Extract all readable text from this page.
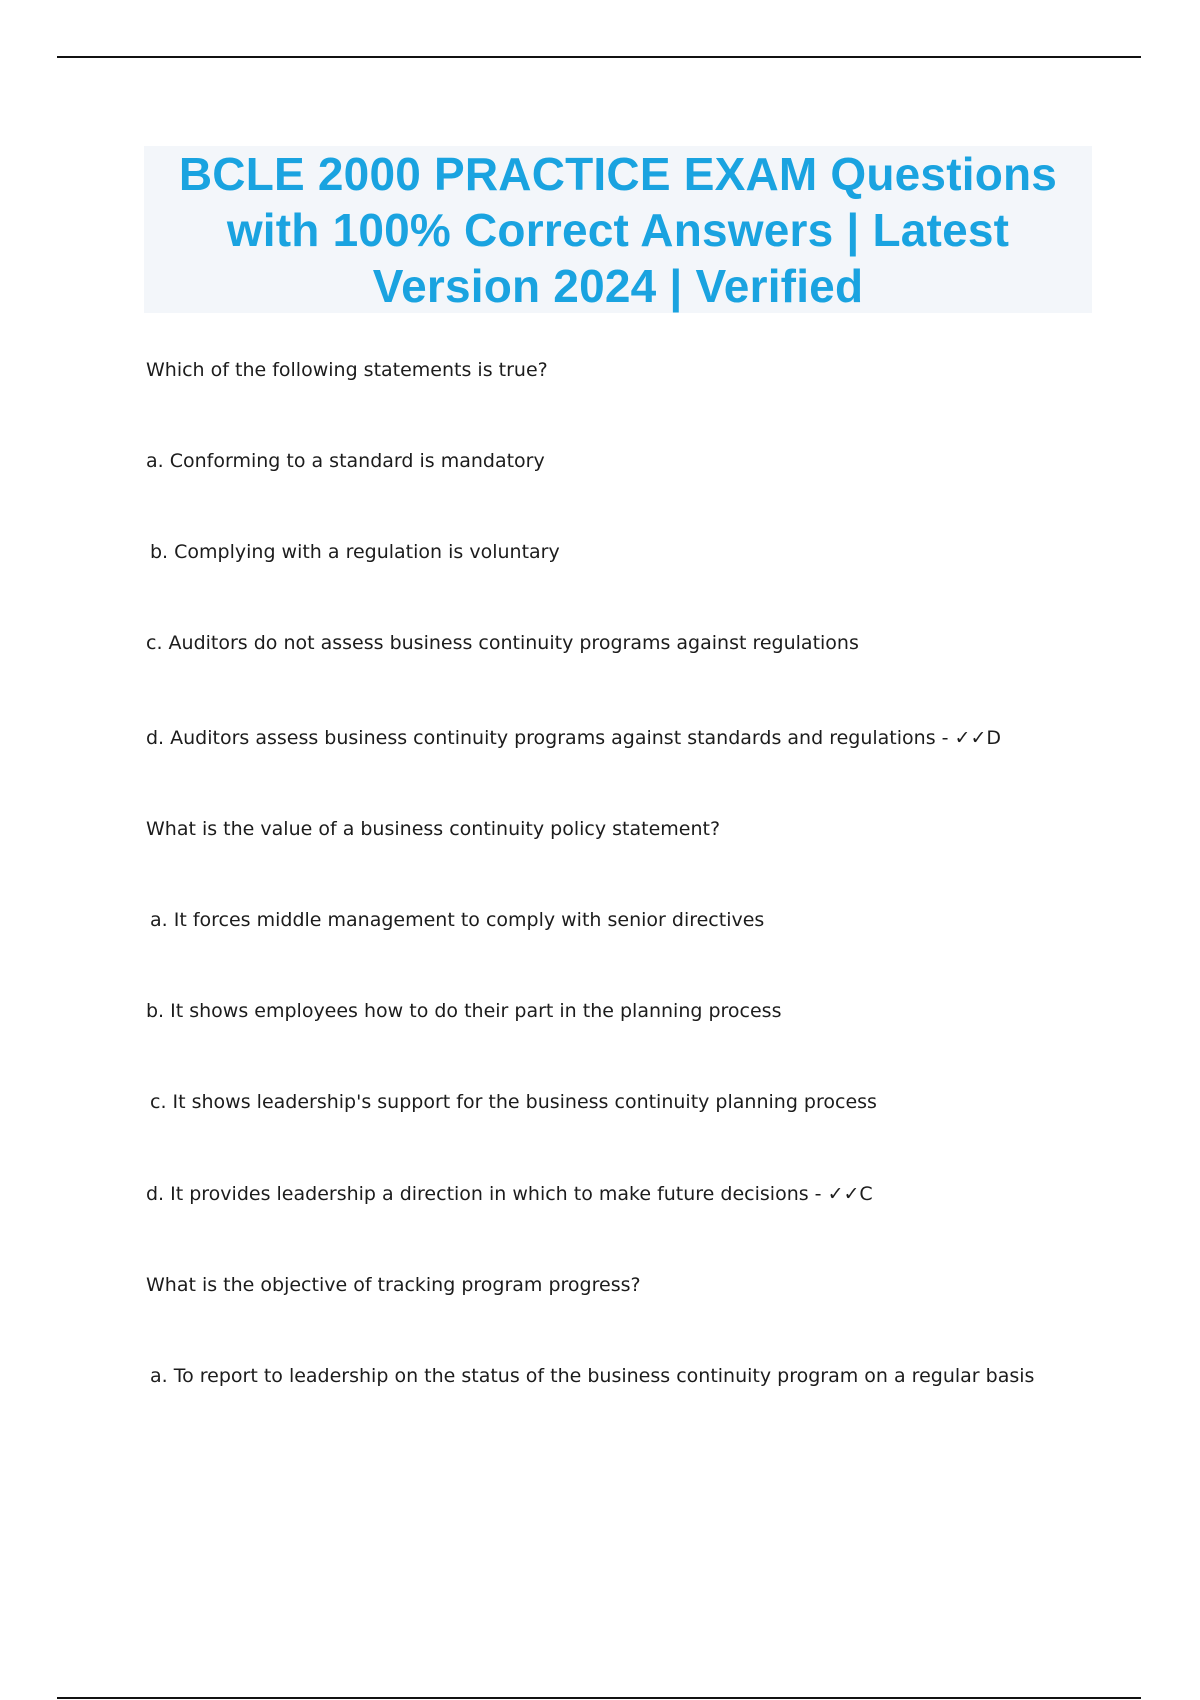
BCLE 2000 PRACTICE EXAM Questions with 100% Correct Answers | Latest Version 2024 | Verified
Which of the following statements is true?
a. Conforming to a standard is mandatory
b. Complying with a regulation is voluntary
c. Auditors do not assess business continuity programs against regulations
d. Auditors assess business continuity programs against standards and regulations - ✓✓D
What is the value of a business continuity policy statement?
a. It forces middle management to comply with senior directives
b. It shows employees how to do their part in the planning process
c. It shows leadership's support for the business continuity planning process
d. It provides leadership a direction in which to make future decisions - ✓✓C
What is the objective of tracking program progress?
a. To report to leadership on the status of the business continuity program on a regular basis
